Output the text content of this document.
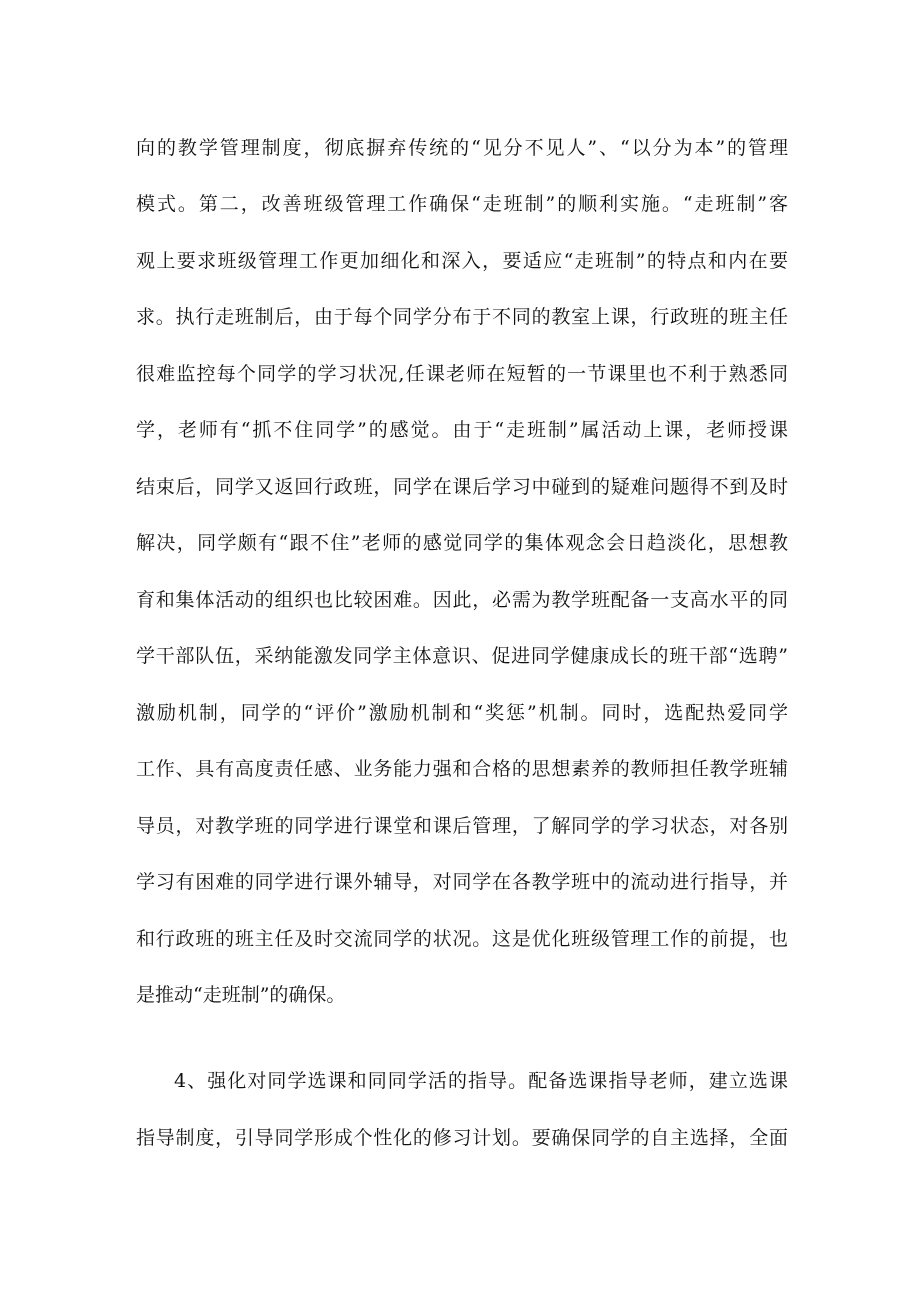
向的教学管理制度，彻底摒弃传统的“见分不见人”、“以分为本”的管理
模式。第二，改善班级管理工作确保“走班制”的顺利实施。“走班制”客
观上要求班级管理工作更加细化和深入，要适应“走班制”的特点和内在要
求。执行走班制后，由于每个同学分布于不同的教室上课，行政班的班主任
很难监控每个同学的学习状况,任课老师在短暂的一节课里也不利于熟悉同
学，老师有“抓不住同学”的感觉。由于“走班制”属活动上课，老师授课
结束后，同学又返回行政班，同学在课后学习中碰到的疑难问题得不到及时
解决，同学颇有“跟不住”老师的感觉同学的集体观念会日趋淡化，思想教
育和集体活动的组织也比较困难。因此，必需为教学班配备一支高水平的同
学干部队伍，采纳能激发同学主体意识、促进同学健康成长的班干部“选聘”
激励机制，同学的“评价”激励机制和“奖惩”机制。同时，选配热爱同学
工作、具有高度责任感、业务能力强和合格的思想素养的教师担任教学班辅
导员，对教学班的同学进行课堂和课后管理，了解同学的学习状态，对各别
学习有困难的同学进行课外辅导，对同学在各教学班中的流动进行指导，并
和行政班的班主任及时交流同学的状况。这是优化班级管理工作的前提，也
是推动“走班制”的确保。
4、强化对同学选课和同同学活的指导。配备选课指导老师，建立选课
指导制度，引导同学形成个性化的修习计划。要确保同学的自主选择，全面
